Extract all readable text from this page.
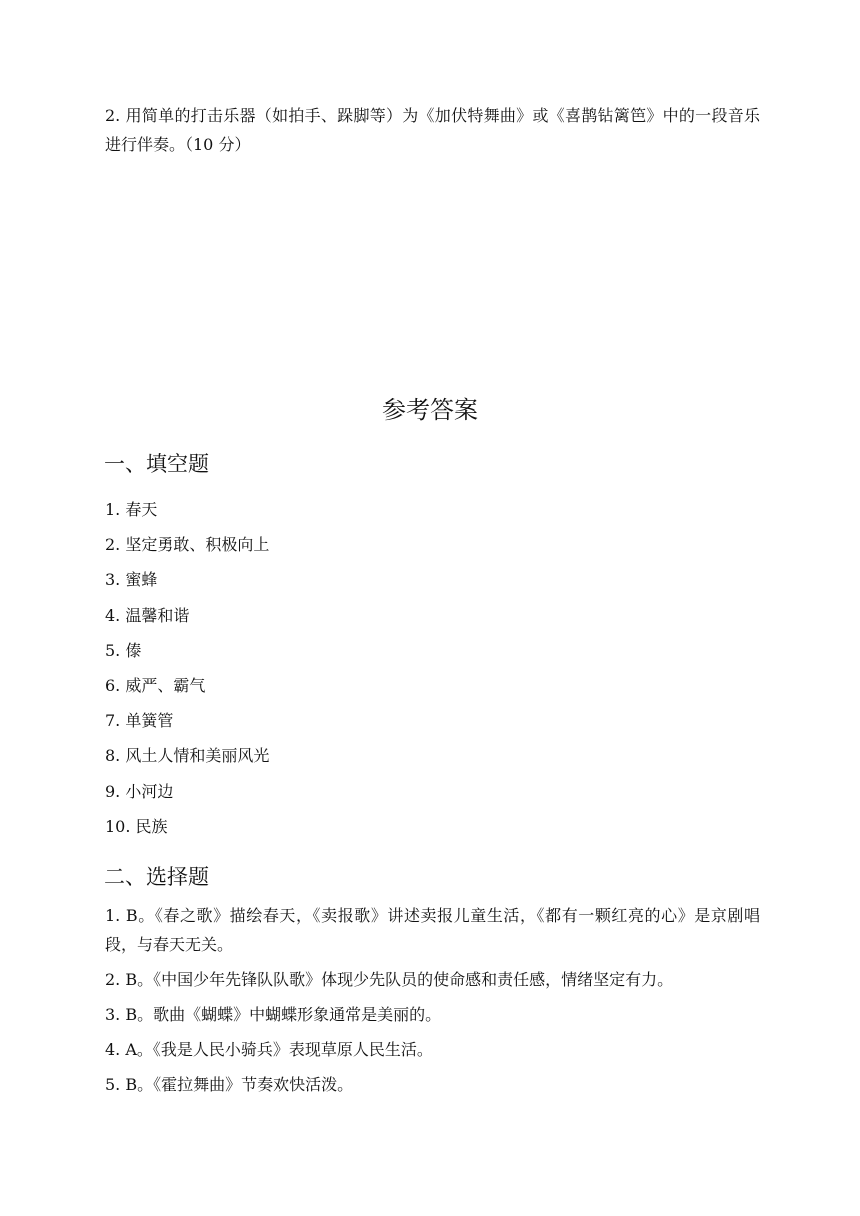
2. 用简单的打击乐器（如拍手、跺脚等）为《加伏特舞曲》或《喜鹊钻篱笆》中的一段音乐进行伴奏。（10 分）

参考答案
一、填空题
1. 春天
2. 坚定勇敢、积极向上
3. 蜜蜂
4. 温馨和谐
5. 傣
6. 威严、霸气
7. 单簧管
8. 风土人情和美丽风光
9. 小河边
10. 民族
二、选择题
1. B。《春之歌》描绘春天，《卖报歌》讲述卖报儿童生活，《都有一颗红亮的心》是京剧唱段，与春天无关。
2. B。《中国少年先锋队队歌》体现少先队员的使命感和责任感，情绪坚定有力。
3. B。歌曲《蝴蝶》中蝴蝶形象通常是美丽的。
4. A。《我是人民小骑兵》表现草原人民生活。
5. B。《霍拉舞曲》节奏欢快活泼。
